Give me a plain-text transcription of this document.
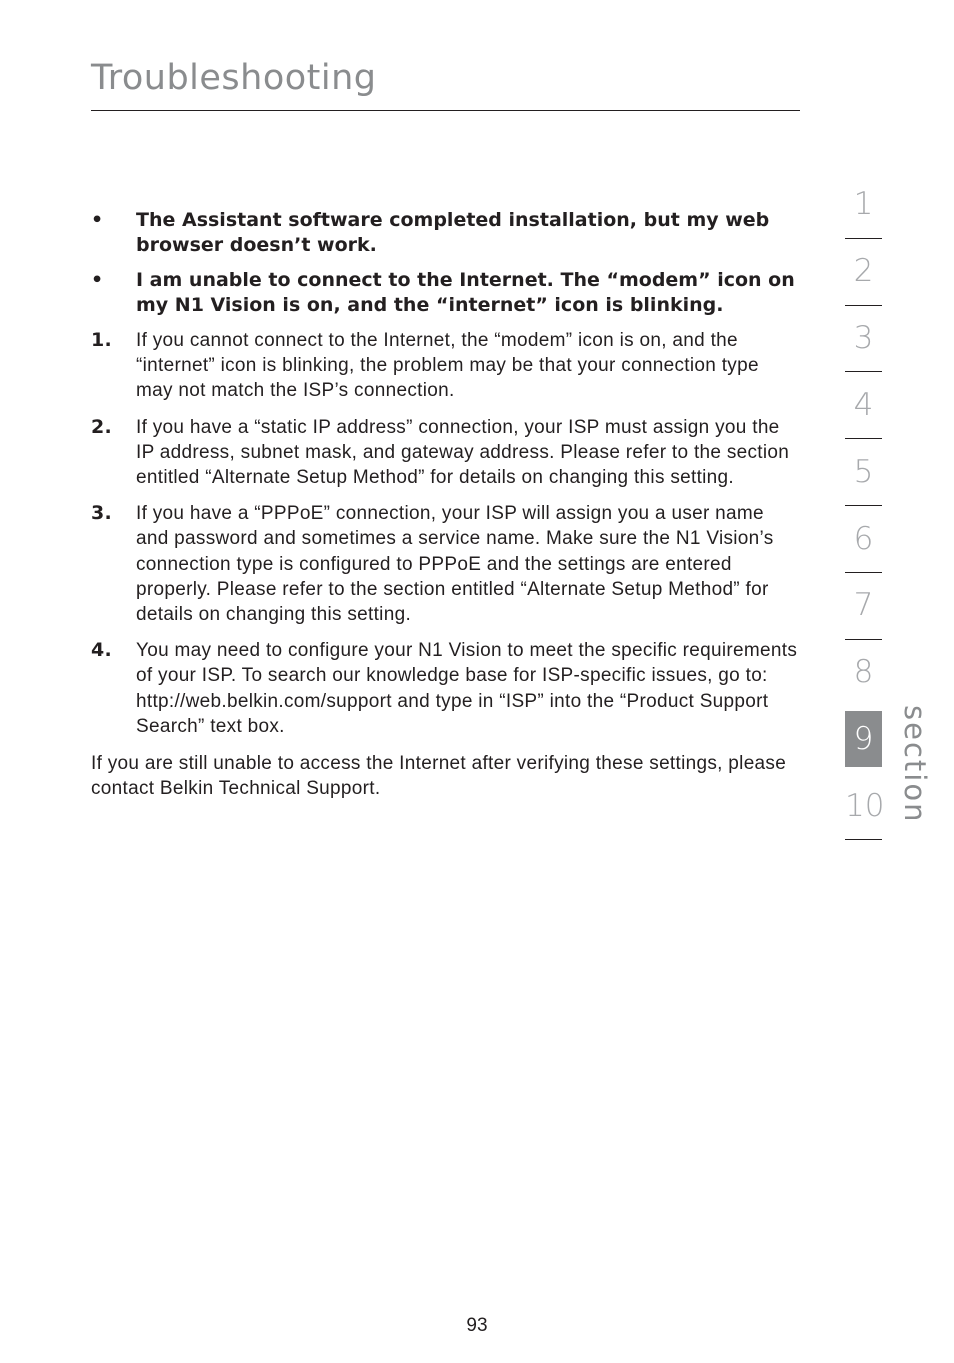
Troubleshooting
• The Assistant software completed installation, but my web browser doesn’t work.
• I am unable to connect to the Internet. The “modem” icon on my N1 Vision is on, and the “internet” icon is blinking.
1. If you cannot connect to the Internet, the “modem” icon is on, and the “internet” icon is blinking, the problem may be that your connection type may not match the ISP’s connection.
2. If you have a “static IP address” connection, your ISP must assign you the IP address, subnet mask, and gateway address. Please refer to the section entitled “Alternate Setup Method” for details on changing this setting.
3. If you have a “PPPoE” connection, your ISP will assign you a user name and password and sometimes a service name. Make sure the N1 Vision’s connection type is configured to PPPoE and the settings are entered properly. Please refer to the section entitled “Alternate Setup Method” for details on changing this setting.
4. You may need to configure your N1 Vision to meet the specific requirements of your ISP. To search our knowledge base for ISP-specific issues, go to: http://web.belkin.com/support and type in “ISP” into the “Product Support Search” text box.

If you are still unable to access the Internet after verifying these settings, please contact Belkin Technical Support.

1
2
3
4
5
6
7
8
9
10 section
93
